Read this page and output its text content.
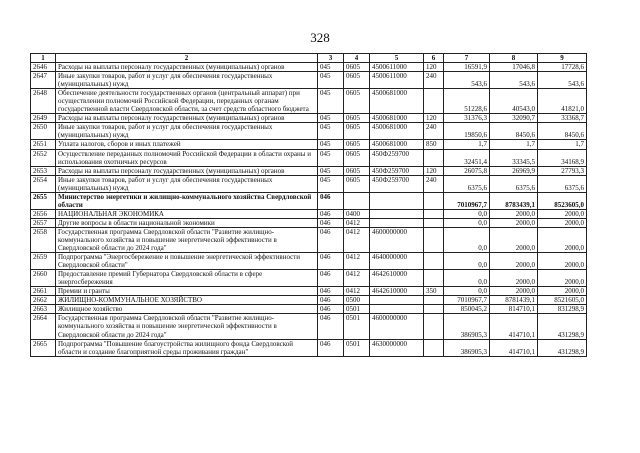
328
1	2	3	4	5	6	7	8	9
2646	Расходы на выплаты персоналу государственных (муниципальных) органов	045	0605	4500611000	120	16591,9	17046,8	17728,6
2647	Иные закупки товаров, работ и услуг для обеспечения государственных (муниципальных) нужд	045	0605	4500611000	240	543,6	543,6	543,6
2648	Обеспечение деятельности государственных органов (центральный аппарат) при осуществлении полномочий Российской Федерации, переданных органам государственной власти Свердловской области, за счет средств областного бюджета	045	0605	4500681000		51228,6	40543,0	41821,0
2649	Расходы на выплаты персоналу государственных (муниципальных) органов	045	0605	4500681000	120	31376,3	32090,7	33368,7
2650	Иные закупки товаров, работ и услуг для обеспечения государственных (муниципальных) нужд	045	0605	4500681000	240	19850,6	8450,6	8450,6
2651	Уплата налогов, сборов и иных платежей	045	0605	4500681000	850	1,7	1,7	1,7
2652	Осуществление переданных полномочий Российской Федерации в области охраны и использования охотничьих ресурсов	045	0605	450Ф259700		32451,4	33345,5	34168,9
2653	Расходы на выплаты персоналу государственных (муниципальных) органов	045	0605	450Ф259700	120	26075,8	26969,9	27793,3
2654	Иные закупки товаров, работ и услуг для обеспечения государственных (муниципальных) нужд	045	0605	450Ф259700	240	6375,6	6375,6	6375,6
2655	Министерство энергетики и жилищно-коммунального хозяйства Свердловской области	046				7010967,7	8783439,1	8523605,0
2656	НАЦИОНАЛЬНАЯ ЭКОНОМИКА	046	0400			0,0	2000,0	2000,0
2657	Другие вопросы в области национальной экономики	046	0412			0,0	2000,0	2000,0
2658	Государственная программа Свердловской области "Развитие жилищно-коммунального хозяйства и повышение энергетической эффективности в Свердловской области до 2024 года"	046	0412	4600000000		0,0	2000,0	2000,0
2659	Подпрограмма "Энергосбережение и повышение энергетической эффективности Свердловской области"	046	0412	4640000000		0,0	2000,0	2000,0
2660	Предоставление премий Губернатора Свердловской области в сфере энергосбережения	046	0412	4642610000		0,0	2000,0	2000,0
2661	Премии и гранты	046	0412	4642610000	350	0,0	2000,0	2000,0
2662	ЖИЛИЩНО-КОММУНАЛЬНОЕ ХОЗЯЙСТВО	046	0500			7010967,7	8781439,1	8521605,0
2663	Жилищное хозяйство	046	0501			850045,2	814710,1	831298,9
2664	Государственная программа Свердловской области "Развитие жилищно-коммунального хозяйства и повышение энергетической эффективности в Свердловской области до 2024 года"	046	0501	4600000000		386905,3	414710,1	431298,9
2665	Подпрограмма "Повышение благоустройства жилищного фонда Свердловской области и создание благоприятной среды проживания граждан"	046	0501	4630000000		386905,3	414710,1	431298,9
